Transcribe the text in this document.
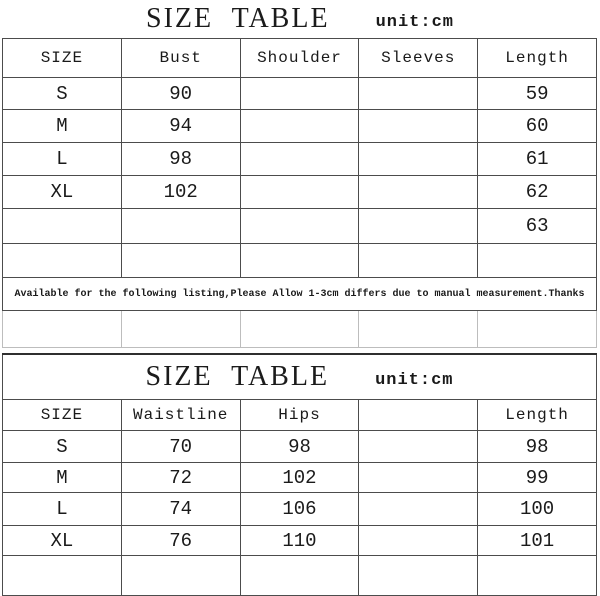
SIZE TABLE	unit:cm
SIZE	Bust	Shoulder	Sleeves	Length
S	90			59
M	94			60
L	98			61
XL	102			62
				63

Available for the following listing,Please Allow 1-3cm differs due to manual measurement.Thanks				

SIZE TABLE unit:cm				

SIZE	Waistline	Hips		Length
S	70	98		98
M	72	102		99
L	74	106		100
XL	76	110		101
